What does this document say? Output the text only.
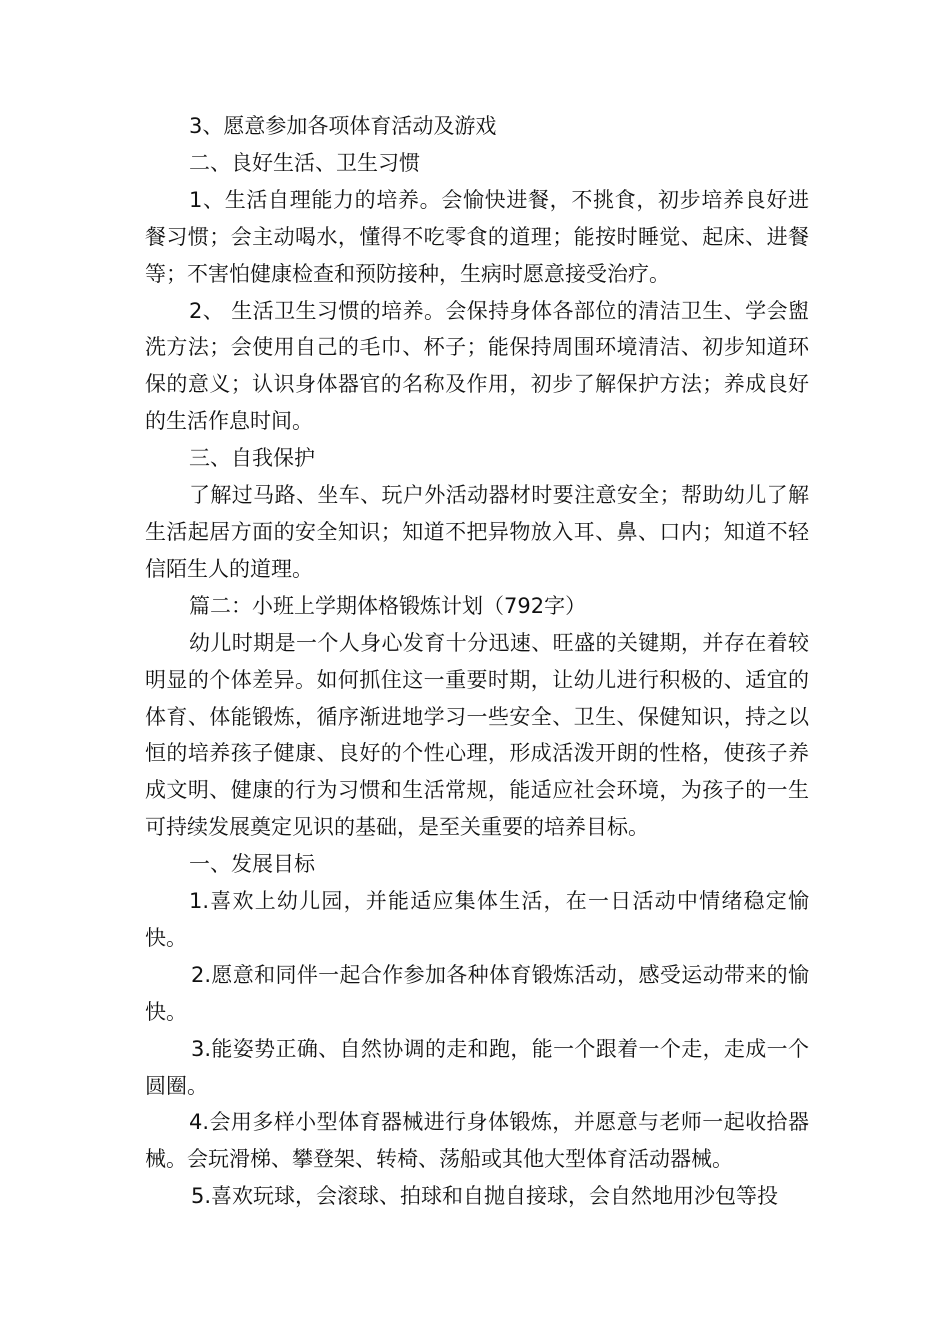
3、愿意参加各项体育活动及游戏

二、良好生活、卫生习惯

1、生活自理能力的培养。会愉快进餐，不挑食，初步培养良好进餐习惯；会主动喝水，懂得不吃零食的道理；能按时睡觉、起床、进餐等；不害怕健康检查和预防接种，生病时愿意接受治疗。

2、 生活卫生习惯的培养。会保持身体各部位的清洁卫生、学会盥洗方法；会使用自己的毛巾、杯子；能保持周围环境清洁、初步知道环保的意义；认识身体器官的名称及作用，初步了解保护方法；养成良好的生活作息时间。

三、自我保护

了解过马路、坐车、玩户外活动器材时要注意安全；帮助幼儿了解生活起居方面的安全知识；知道不把异物放入耳、鼻、口内；知道不轻信陌生人的道理。

篇二：小班上学期体格锻炼计划（792字）

幼儿时期是一个人身心发育十分迅速、旺盛的关键期，并存在着较明显的个体差异。如何抓住这一重要时期，让幼儿进行积极的、适宜的体育、体能锻炼，循序渐进地学习一些安全、卫生、保健知识，持之以恒的培养孩子健康、良好的个性心理，形成活泼开朗的性格，使孩子养成文明、健康的行为习惯和生活常规，能适应社会环境，为孩子的一生可持续发展奠定见识的基础，是至关重要的培养目标。

一、发展目标

1.喜欢上幼儿园，并能适应集体生活，在一日活动中情绪稳定愉快。

2.愿意和同伴一起合作参加各种体育锻炼活动，感受运动带来的愉快。

3.能姿势正确、自然协调的走和跑，能一个跟着一个走，走成一个圆圈。

4.会用多样小型体育器械进行身体锻炼，并愿意与老师一起收拾器械。会玩滑梯、攀登架、转椅、荡船或其他大型体育活动器械。

5.喜欢玩球，会滚球、拍球和自抛自接球，会自然地用沙包等投
